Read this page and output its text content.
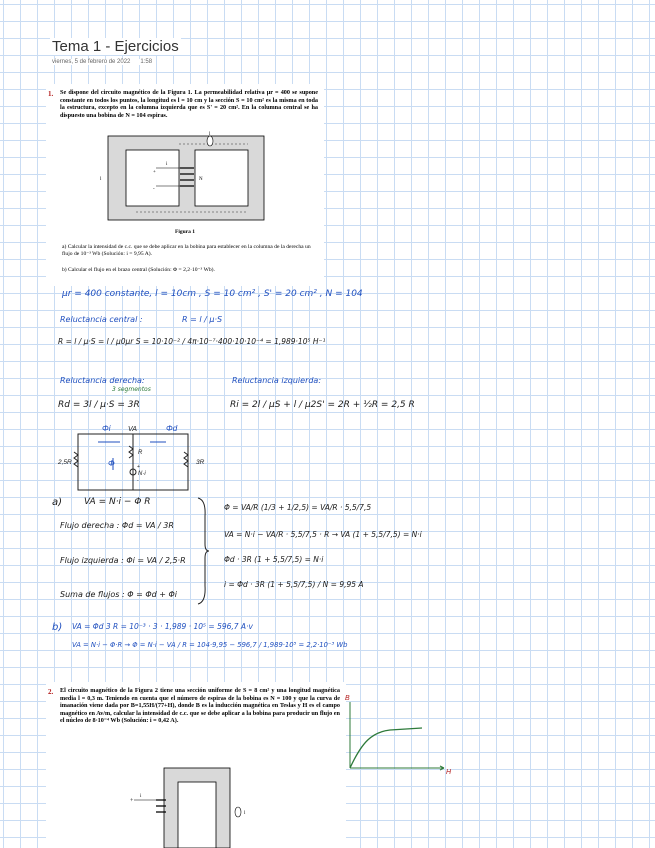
Tema 1 - Ejercicios
viernes, 5 de febrero de 2022 1:58
1. Se dispone del circuito magnético de la Figura 1. La permeabilidad relativa μr = 400 se supone constante en todos los puntos, la longitud es l = 10 cm y la sección S = 10 cm² es la misma en toda la estructura, excepto en la columna izquierda que es S' = 20 cm². En la columna central se ha dispuesto una bobina de N = 104 espiras.
l
l
i
+
-
N
Figura 1
a) Calcular la intensidad de c.c. que se debe aplicar en la bobina para establecer en la columna de la derecha un flujo de 10⁻³ Wb (Solución: i = 9,95 A).
b) Calcular el flujo en el brazo central (Solución: Φ = 2,2·10⁻³ Wb).
μr = 400 constante, l = 10cm , S = 10 cm² , S' = 20 cm² , N = 104
Reluctancia central :	R = l / μ·S
R = l / μ·S = l / μ0μr S = 10·10⁻² / 4π·10⁻⁷·400·10·10⁻⁴ = 1,989·10⁵ H⁻¹
Reluctancia derecha:
3 segmentos
Rd = 3l / μ·S = 3R
Reluctancia izquierda:
Ri = 2l / μS + l / μ2S' = 2R + ½R = 2,5 R
Φi	VA	Φd
Φ
R
N·i
+
-
2,5R	3R
a) VA = N·i − Φ R
Flujo derecha : Φd = VA / 3R
Flujo izquierda : Φi = VA / 2,5·R
Suma de flujos : Φ = Φd + Φi
Φ = VA/R (1/3 + 1/2,5) = VA/R · 5,5/7,5
VA = N·i − VA/R · 5,5/7,5 · R → VA (1 + 5,5/7,5) = N·i
Φd · 3R (1 + 5,5/7,5) = N·i
i = Φd · 3R (1 + 5,5/7,5) / N = 9,95 A
b) VA = Φd 3 R = 10⁻³ · 3 · 1,989 · 10⁵ = 596,7 A·v
VA = N·i − Φ·R → Φ = N·i − VA / R = 104·9,95 − 596,7 / 1,989·10⁵ = 2,2·10⁻³ Wb
2. El circuito magnético de la Figura 2 tiene una sección uniforme de S = 8 cm² y una longitud magnética media l = 0,3 m. Teniendo en cuenta que el número de espiras de la bobina es N = 100 y que la curva de imanación viene dada por B=1,55H/(77+H), donde B es la inducción magnética en Teslas y H es el campo magnético en Av/m, calcular la intensidad de c.c. que se debe aplicar a la bobina para producir un flujo en el núcleo de 8·10⁻⁴ Wb (Solución: i = 0,42 A).
i
+
l
B
H
